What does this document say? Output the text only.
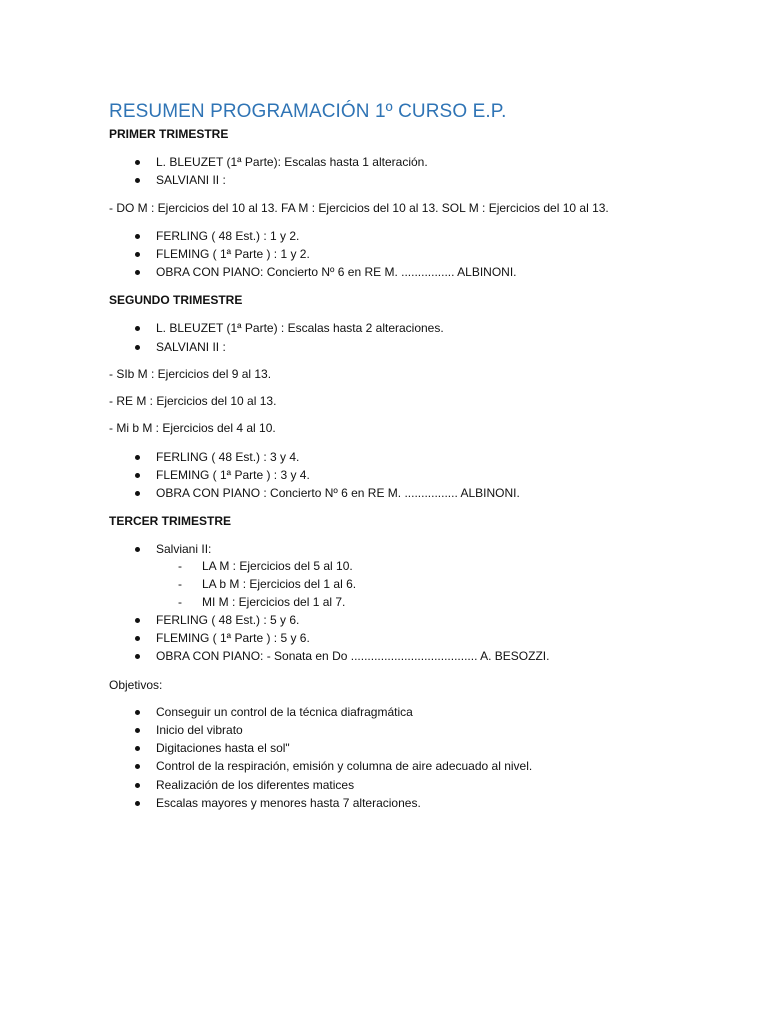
RESUMEN PROGRAMACIÓN 1º CURSO E.P.
PRIMER TRIMESTRE
L. BLEUZET (1ª Parte): Escalas hasta 1 alteración.
SALVIANI II :
- DO M : Ejercicios del 10 al 13. FA M : Ejercicios del 10 al 13. SOL M : Ejercicios del 10 al 13.
FERLING ( 48 Est.) : 1 y 2.
FLEMING ( 1ª Parte ) : 1 y 2.
OBRA CON PIANO: Concierto Nº 6 en RE M. ................ ALBINONI.
SEGUNDO TRIMESTRE
L. BLEUZET (1ª Parte) : Escalas hasta 2 alteraciones.
SALVIANI II :
- SIb M : Ejercicios del 9 al 13.
- RE M : Ejercicios del 10 al 13.
- Mi b M : Ejercicios del 4 al 10.
FERLING ( 48 Est.) : 3 y 4.
FLEMING ( 1ª Parte ) : 3 y 4.
OBRA CON PIANO : Concierto Nº 6 en RE M. ................ ALBINONI.
TERCER TRIMESTRE
Salviani II:
- LA M : Ejercicios del 5 al 10.
- LA b M : Ejercicios del 1 al 6.
- MI M : Ejercicios del 1 al 7.
FERLING ( 48 Est.) : 5 y 6.
FLEMING ( 1ª Parte ) : 5 y 6.
OBRA CON PIANO: - Sonata en Do ...................................... A. BESOZZI.
Objetivos:
Conseguir un control de la técnica diafragmática
Inicio del vibrato
Digitaciones hasta el sol"
Control de la respiración, emisión y columna de aire adecuado al nivel.
Realización de los diferentes matices
Escalas mayores y menores hasta 7 alteraciones.
